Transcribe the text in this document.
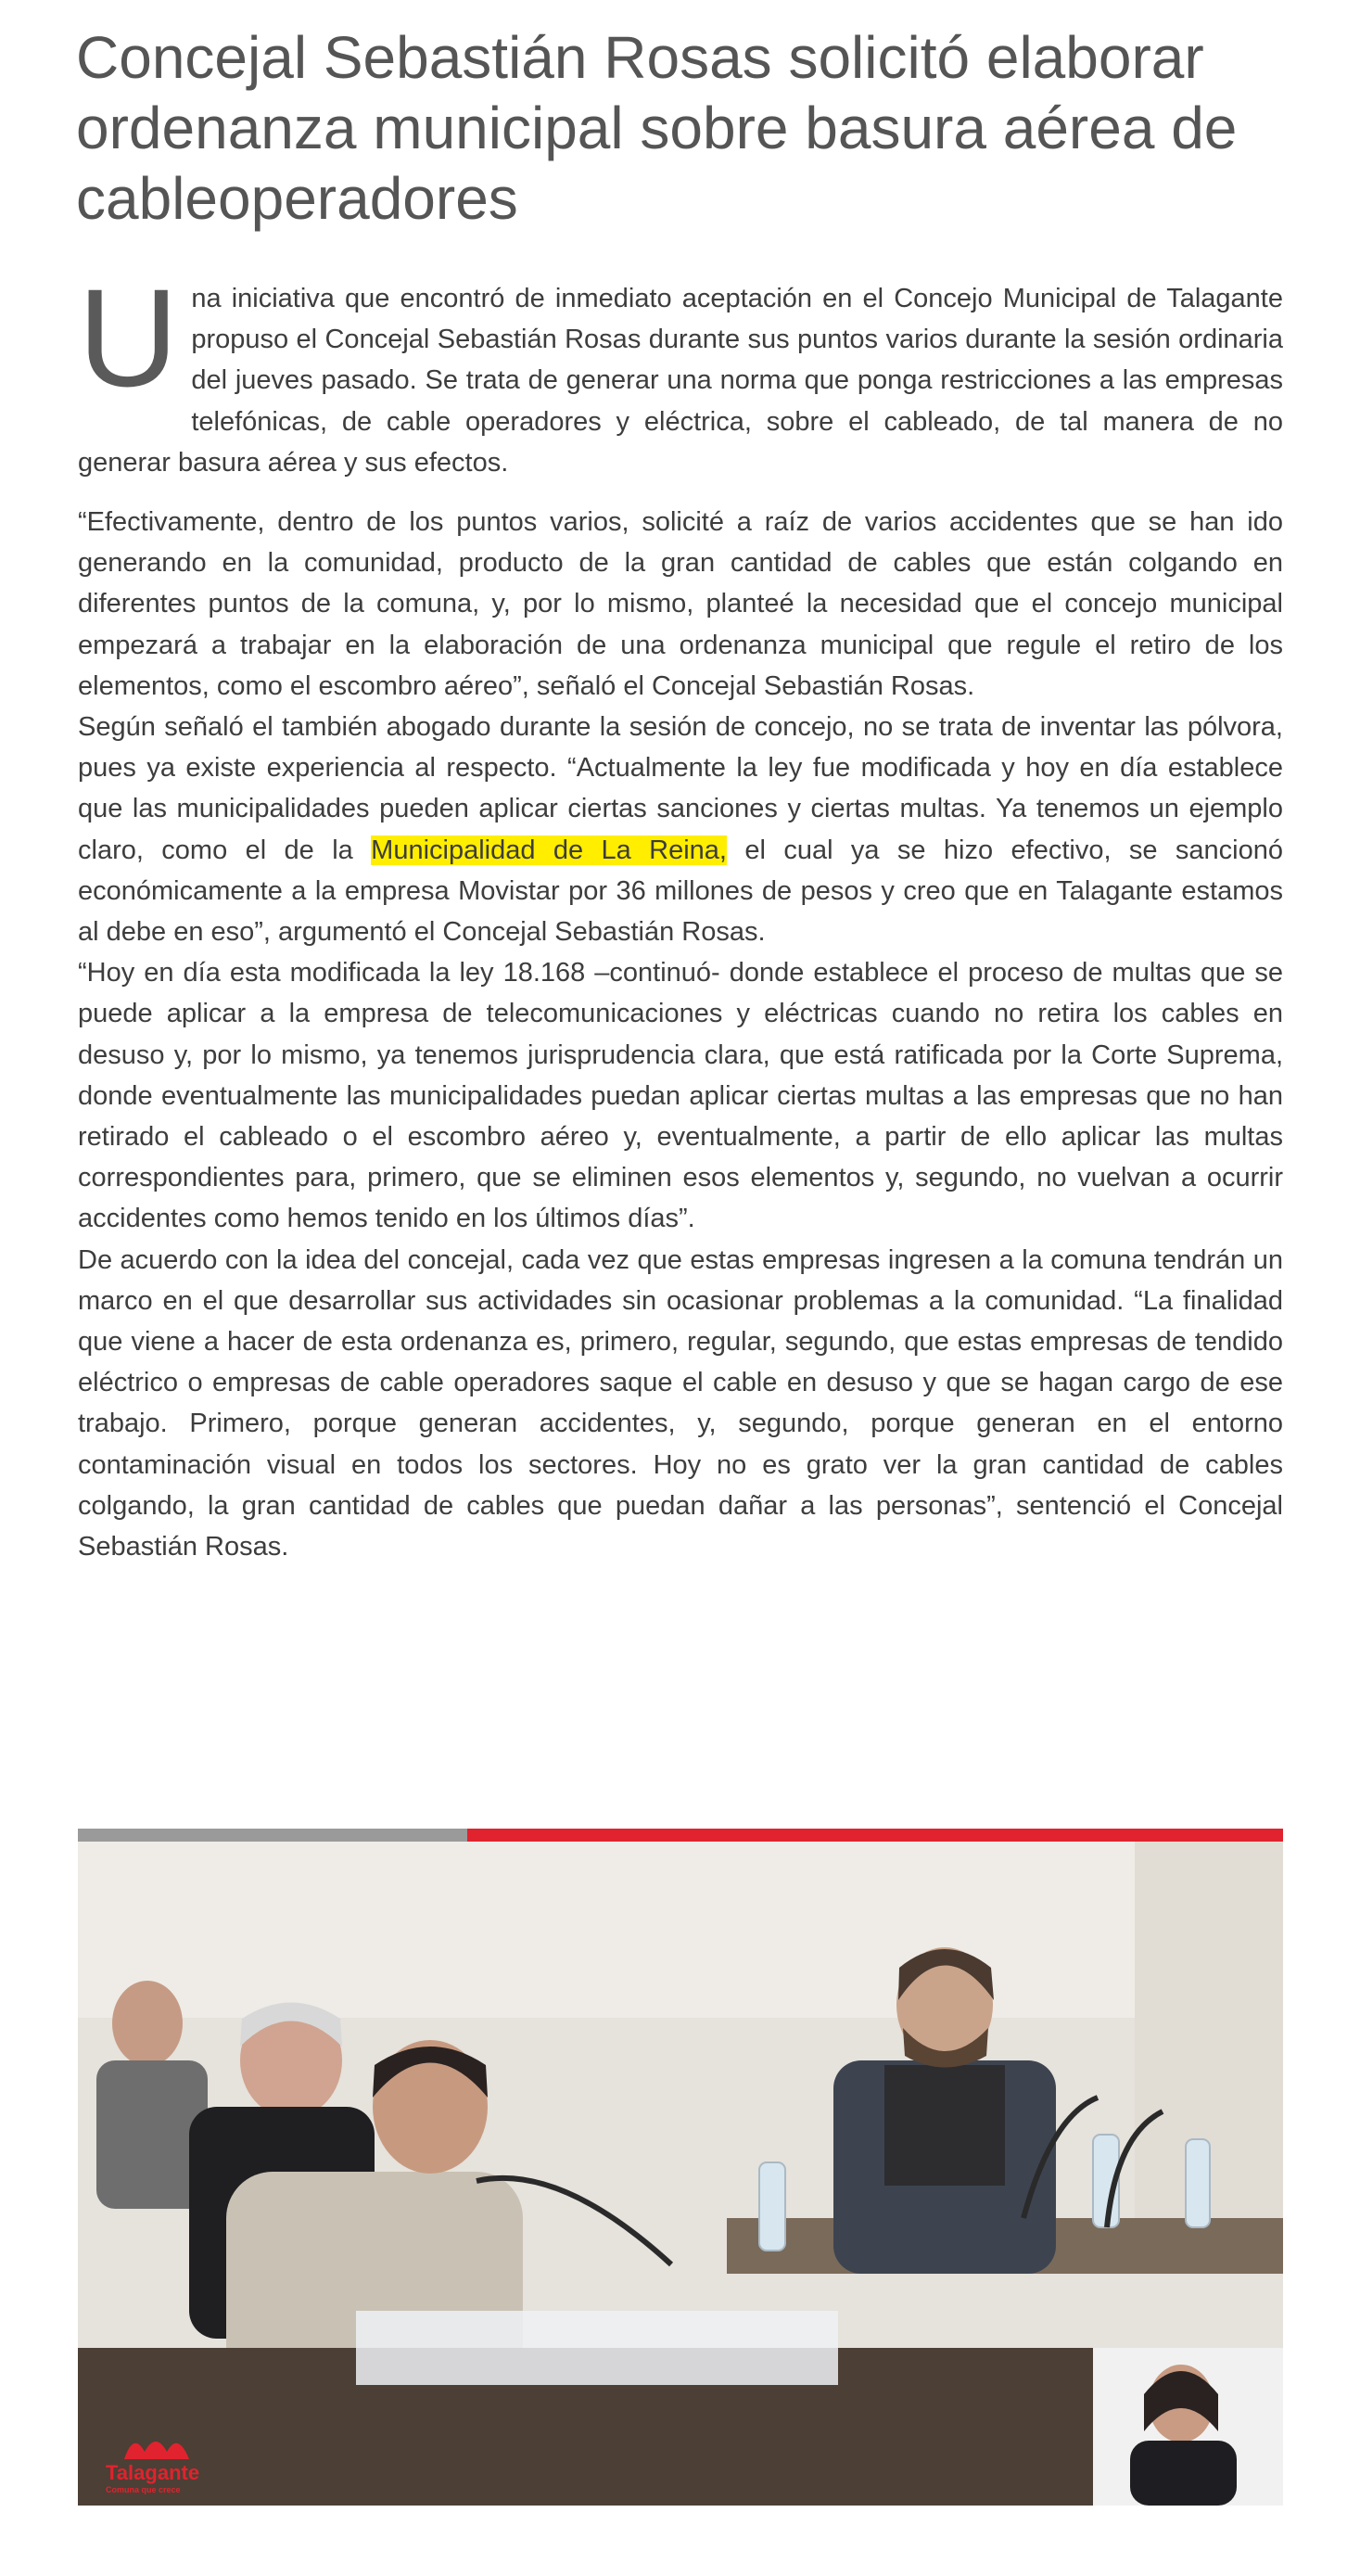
Concejal Sebastián Rosas solicitó elaborar ordenanza municipal sobre basura aérea de cableoperadores

Una iniciativa que encontró de inmediato aceptación en el Concejo Municipal de Talagante propuso el Concejal Sebastián Rosas durante sus puntos varios durante la sesión ordinaria del jueves pasado. Se trata de generar una norma que ponga restricciones a las empresas telefónicas, de cable operadores y eléctrica, sobre el cableado, de tal manera de no generar basura aérea y sus efectos.

“Efectivamente, dentro de los puntos varios, solicité a raíz de varios accidentes que se han ido generando en la comunidad, producto de la gran cantidad de cables que están colgando en diferentes puntos de la comuna, y, por lo mismo, planteé la necesidad que el concejo municipal empezará a trabajar en la elaboración de una ordenanza municipal que regule el retiro de los elementos, como el escombro aéreo”, señaló el Concejal Sebastián Rosas.

Según señaló el también abogado durante la sesión de concejo, no se trata de inventar las pólvora, pues ya existe experiencia al respecto. “Actualmente la ley fue modificada y hoy en día establece que las municipalidades pueden aplicar ciertas sanciones y ciertas multas. Ya tenemos un ejemplo claro, como el de la Municipalidad de La Reina, el cual ya se hizo efectivo, se sancionó económicamente a la empresa Movistar por 36 millones de pesos y creo que en Talagante estamos al debe en eso”, argumentó el Concejal Sebastián Rosas.

“Hoy en día esta modificada la ley 18.168 –continuó- donde establece el proceso de multas que se puede aplicar a la empresa de telecomunicaciones y eléctricas cuando no retira los cables en desuso y, por lo mismo, ya tenemos jurisprudencia clara, que está ratificada por la Corte Suprema, donde eventualmente las municipalidades puedan aplicar ciertas multas a las empresas que no han retirado el cableado o el escombro aéreo y, eventualmente, a partir de ello aplicar las multas correspondientes para, primero, que se eliminen esos elementos y, segundo, no vuelvan a ocurrir accidentes como hemos tenido en los últimos días”.

De acuerdo con la idea del concejal, cada vez que estas empresas ingresen a la comuna tendrán un marco en el que desarrollar sus actividades sin ocasionar problemas a la comunidad. “La finalidad que viene a hacer de esta ordenanza es, primero, regular, segundo, que estas empresas de tendido eléctrico o empresas de cable operadores saque el cable en desuso y que se hagan cargo de ese trabajo. Primero, porque generan accidentes, y, segundo, porque generan en el entorno contaminación visual en todos los sectores. Hoy no es grato ver la gran cantidad de cables colgando, la gran cantidad de cables que puedan dañar a las personas”, sentenció el Concejal Sebastián Rosas.

Talagante
Comuna que crece
